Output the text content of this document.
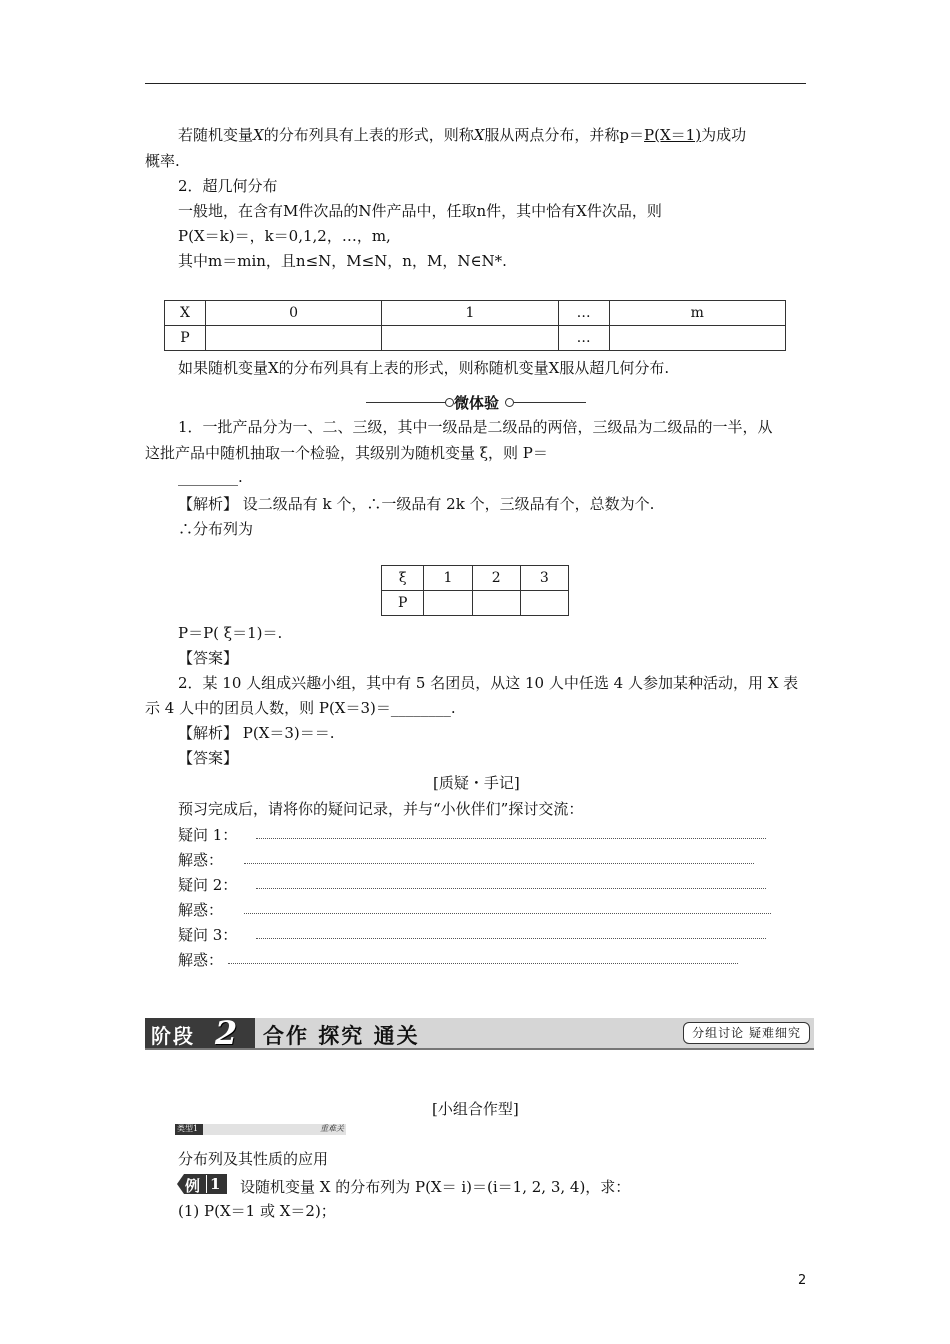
若随机变量X的分布列具有上表的形式，则称X服从两点分布，并称p＝P(X＝1)为成功
概率.
2．超几何分布
一般地，在含有M件次品的N件产品中，任取n件，其中恰有X件次品，则
P(X＝k)＝，k＝0,1,2，…，m,
其中m＝min，且n≤N，M≤N，n，M，N∈N*.
X	0	1	…	m
P			…	
如果随机变量X的分布列具有上表的形式，则称随机变量X服从超几何分布.
微体验
1．一批产品分为一、二、三级，其中一级品是二级品的两倍，三级品为二级品的一半，从
这批产品中随机抽取一个检验，其级别为随机变量 ξ，则 P＝
________.
【解析】 设二级品有 k 个，∴一级品有 2k 个，三级品有个，总数为个.
∴分布列为
ξ	1	2	3
P			
P＝P( ξ＝1)＝.
【答案】
2．某 10 人组成兴趣小组，其中有 5 名团员，从这 10 人中任选 4 人参加某种活动，用 X 表
示 4 人中的团员人数，则 P(X＝3)＝________.
【解析】 P(X＝3)＝＝.
【答案】
[质疑・手记]
预习完成后，请将你的疑问记录，并与“小伙伴们”探讨交流：
疑问 1：
解惑：
疑问 2：
解惑：
疑问 3：
解惑：
阶段 2 合作 探究 通关	分组讨论 疑难细究
[小组合作型]
类型1	重难关
分布列及其性质的应用
例 1 设随机变量 X 的分布列为 P(X＝ i)＝(i＝1, 2, 3, 4)，求：
(1) P(X＝1 或 X＝2)；
2
